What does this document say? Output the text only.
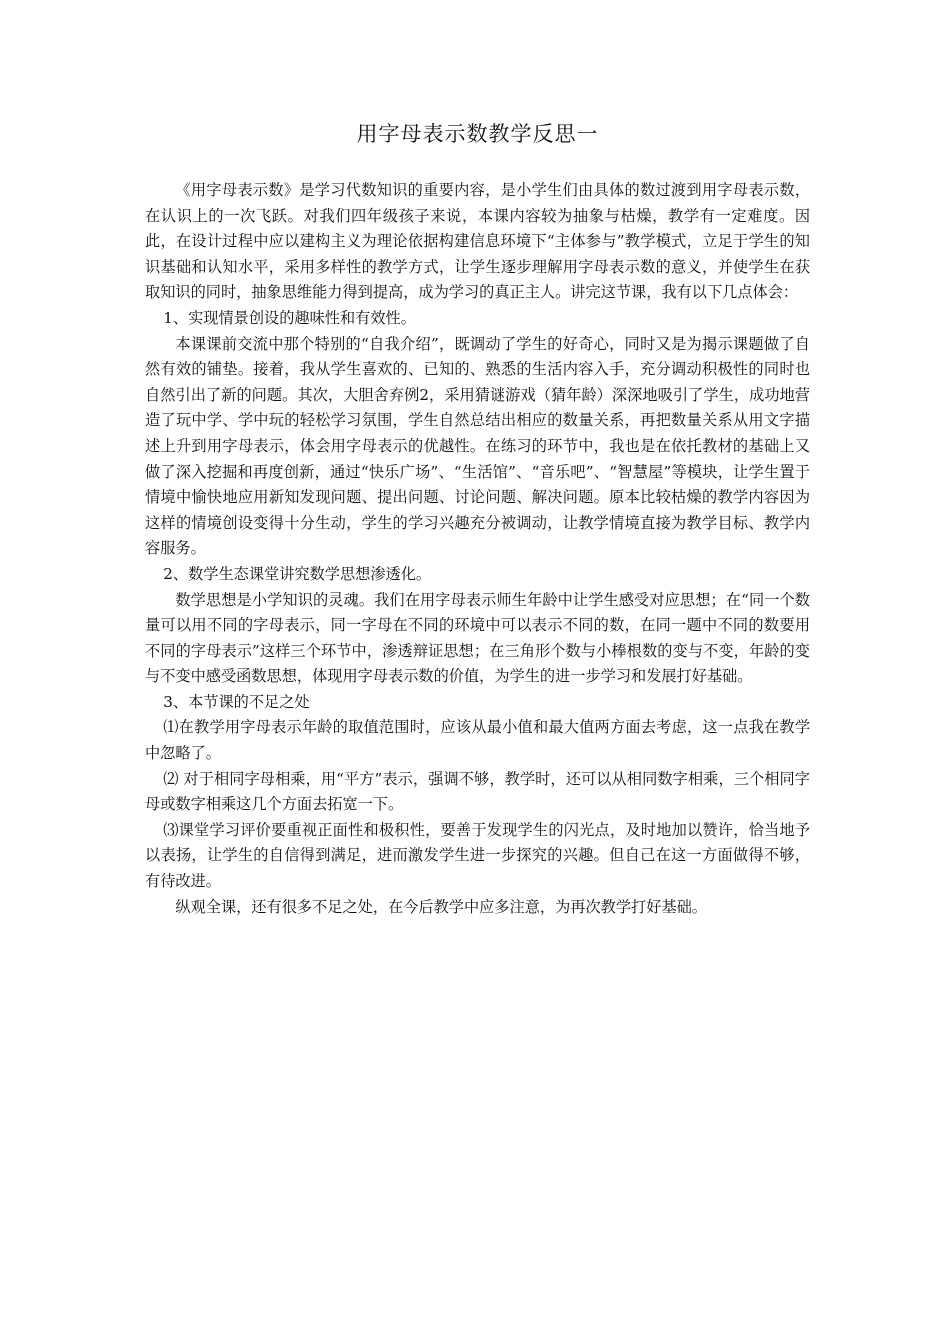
用字母表示数教学反思一

《用字母表示数》是学习代数知识的重要内容，是小学生们由具体的数过渡到用字母表示数，在认识上的一次飞跃。对我们四年级孩子来说，本课内容较为抽象与枯燥，教学有一定难度。因此，在设计过程中应以建构主义为理论依据构建信息环境下“主体参与”教学模式，立足于学生的知识基础和认知水平，采用多样性的教学方式，让学生逐步理解用字母表示数的意义，并使学生在获取知识的同时，抽象思维能力得到提高，成为学习的真正主人。讲完这节课，我有以下几点体会：

1、实现情景创设的趣味性和有效性。

本课课前交流中那个特别的“自我介绍”，既调动了学生的好奇心，同时又是为揭示课题做了自然有效的铺垫。接着，我从学生喜欢的、已知的、熟悉的生活内容入手，充分调动积极性的同时也自然引出了新的问题。其次，大胆舍弃例2，采用猜谜游戏（猜年龄）深深地吸引了学生，成功地营造了玩中学、学中玩的轻松学习氛围，学生自然总结出相应的数量关系，再把数量关系从用文字描述上升到用字母表示，体会用字母表示的优越性。在练习的环节中，我也是在依托教材的基础上又做了深入挖掘和再度创新，通过“快乐广场”、“生活馆”、“音乐吧”、“智慧屋”等模块，让学生置于情境中愉快地应用新知发现问题、提出问题、讨论问题、解决问题。原本比较枯燥的教学内容因为这样的情境创设变得十分生动，学生的学习兴趣充分被调动，让教学情境直接为教学目标、教学内容服务。

2、数学生态课堂讲究数学思想渗透化。

数学思想是小学知识的灵魂。我们在用字母表示师生年龄中让学生感受对应思想；在“同一个数量可以用不同的字母表示，同一字母在不同的环境中可以表示不同的数，在同一题中不同的数要用不同的字母表示”这样三个环节中，渗透辩证思想；在三角形个数与小棒根数的变与不变，年龄的变与不变中感受函数思想，体现用字母表示数的价值，为学生的进一步学习和发展打好基础。

3、本节课的不足之处

⑴在教学用字母表示年龄的取值范围时，应该从最小值和最大值两方面去考虑，这一点我在教学中忽略了。

⑵ 对于相同字母相乘，用“平方”表示，强调不够，教学时，还可以从相同数字相乘，三个相同字母或数字相乘这几个方面去拓宽一下。

⑶课堂学习评价要重视正面性和极积性，要善于发现学生的闪光点，及时地加以赞许，恰当地予以表扬，让学生的自信得到满足，进而激发学生进一步探究的兴趣。但自己在这一方面做得不够，有待改进。

纵观全课，还有很多不足之处，在今后教学中应多注意，为再次教学打好基础。
